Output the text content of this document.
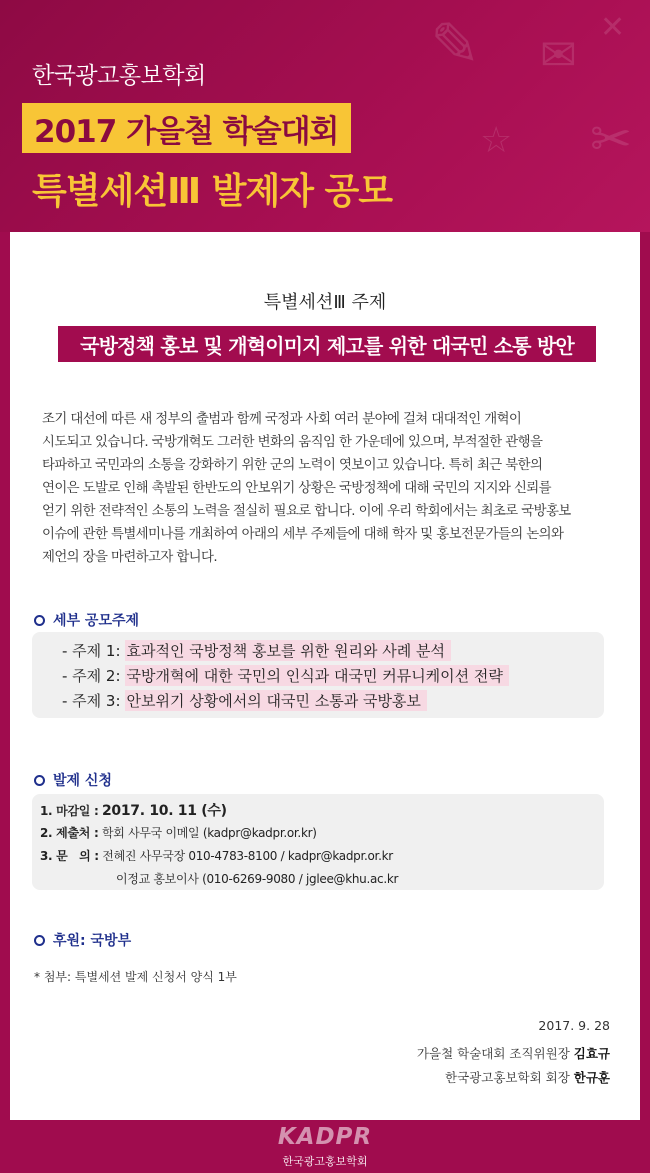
✎ ✉
✂
☆
✕
한국광고홍보학회
2017 가을철 학술대회
특별세션Ⅲ 발제자 공모
특별세션Ⅲ 주제
국방정책 홍보 및 개혁이미지 제고를 위한 대국민 소통 방안
조기 대선에 따른 새 정부의 출범과 함께 국정과 사회 여러 분야에 걸쳐 대대적인 개혁이
시도되고 있습니다. 국방개혁도 그러한 변화의 움직임 한 가운데에 있으며, 부적절한 관행을
타파하고 국민과의 소통을 강화하기 위한 군의 노력이 엿보이고 있습니다. 특히 최근 북한의
연이은 도발로 인해 촉발된 한반도의 안보위기 상황은 국방정책에 대해 국민의 지지와 신뢰를
얻기 위한 전략적인 소통의 노력을 절실히 필요로 합니다. 이에 우리 학회에서는 최초로 국방홍보
이슈에 관한 특별세미나를 개최하여 아래의 세부 주제들에 대해 학자 및 홍보전문가들의 논의와
제언의 장을 마련하고자 합니다.
세부 공모주제
- 주제 1: 효과적인 국방정책 홍보를 위한 원리와 사례 분석
- 주제 2: 국방개혁에 대한 국민의 인식과 대국민 커뮤니케이션 전략
- 주제 3: 안보위기 상황에서의 대국민 소통과 국방홍보
발제 신청
1. 마감일 : 2017. 10. 11 (수)
2. 제출처 : 학회 사무국 이메일 (kadpr@kadpr.or.kr)
3. 문   의 : 전혜진 사무국장 010-4783-8100 / kadpr@kadpr.or.kr
이정교 홍보이사 (010-6269-9080 / jglee@khu.ac.kr
후원: 국방부
* 첨부: 특별세션 발제 신청서 양식 1부
2017. 9. 28
가을철 학술대회 조직위원장 김효규
한국광고홍보학회 회장 한규훈
KADPR
한국광고홍보학회
